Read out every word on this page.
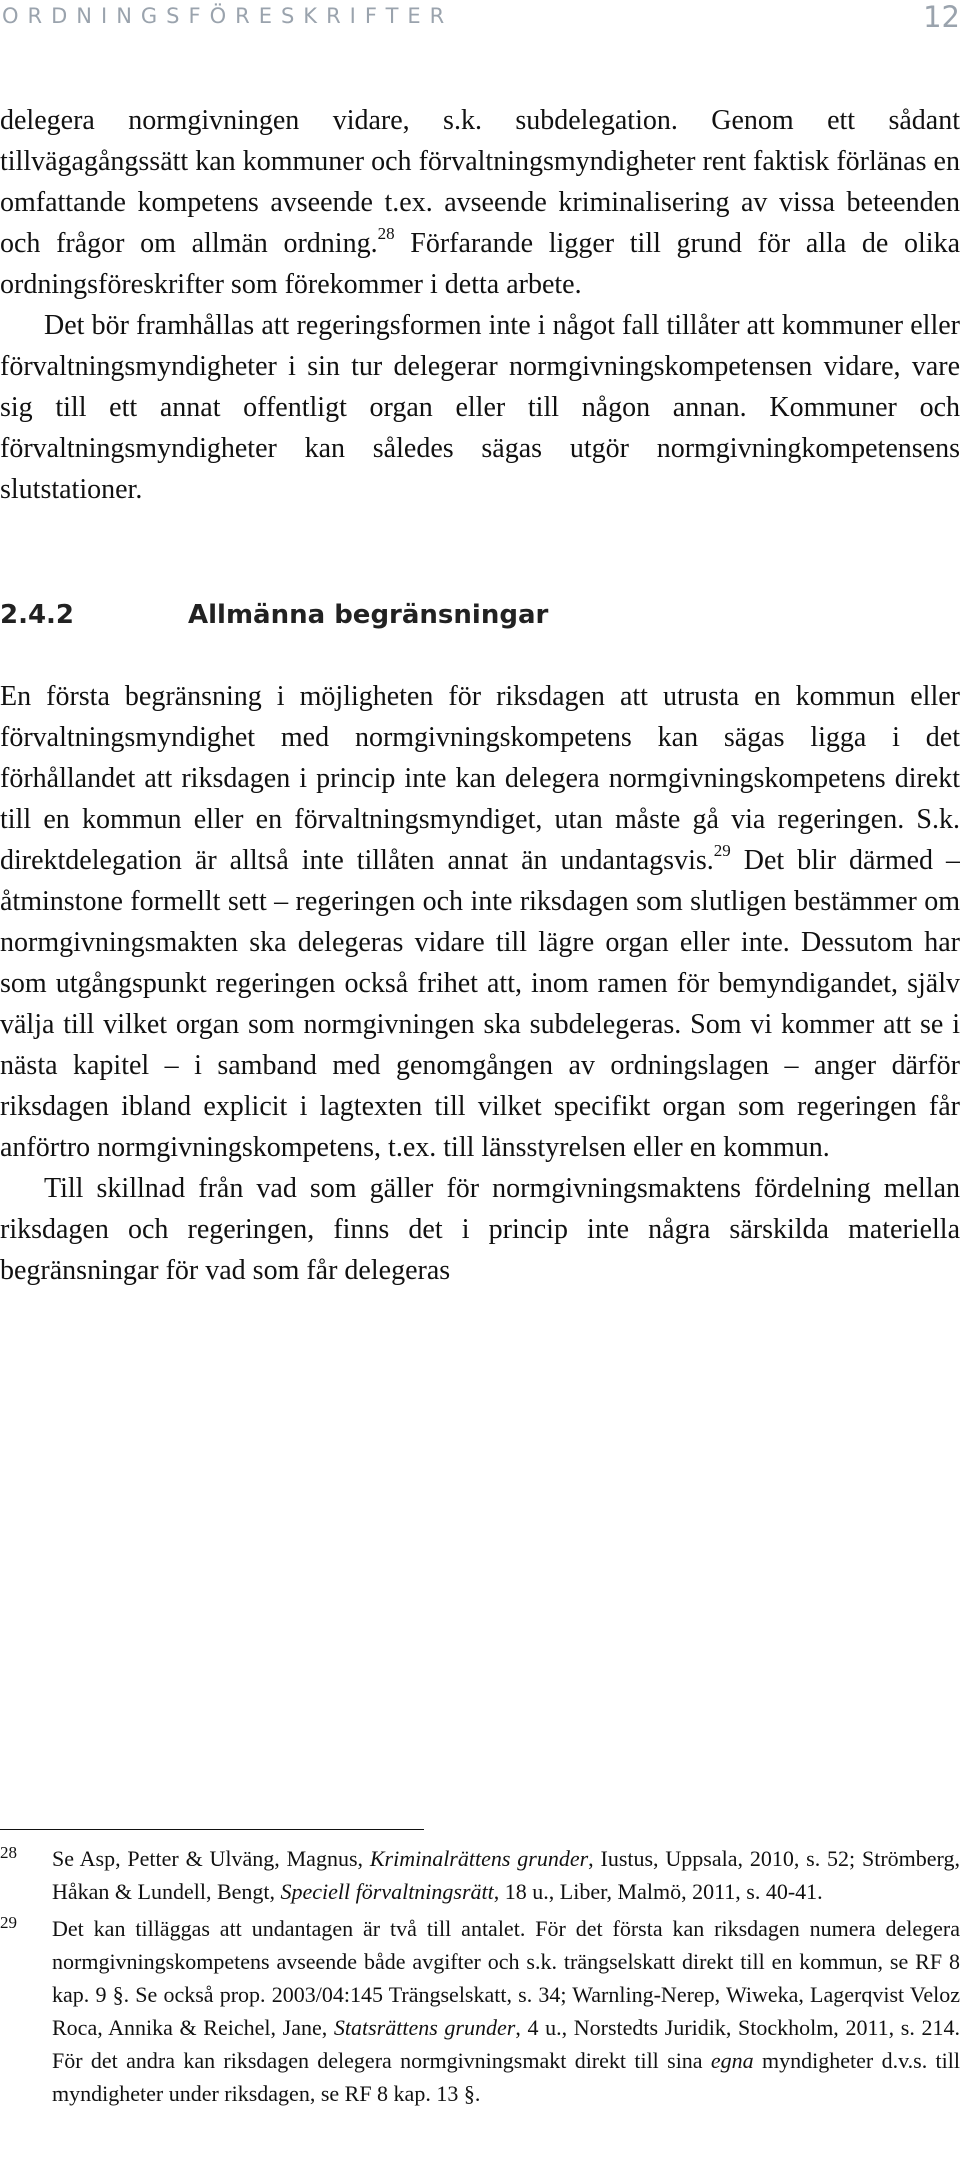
ORDNINGSFÖRESKRIFTER	12

delegera normgivningen vidare, s.k. subdelegation. Genom ett sådant tillvägagångssätt kan kommuner och förvaltningsmyndigheter rent faktisk förlänas en omfattande kompetens avseende t.ex. avseende kriminalisering av vissa beteenden och frågor om allmän ordning.$^{28}$ Förfarande ligger till grund för alla de olika ordningsföreskrifter som förekommer i detta arbete.

Det bör framhållas att regeringsformen inte i något fall tillåter att kommuner eller förvaltningsmyndigheter i sin tur delegerar normgivningskompetensen vidare, vare sig till ett annat offentligt organ eller till någon annan. Kommuner och förvaltningsmyndigheter kan således sägas utgör normgivningkompetensens slutstationer.

2.4.2	Allmänna begränsningar

En första begränsning i möjligheten för riksdagen att utrusta en kommun eller förvaltningsmyndighet med normgivningskompetens kan sägas ligga i det förhållandet att riksdagen i princip inte kan delegera normgivningskompetens direkt till en kommun eller en förvaltningsmyndiget, utan måste gå via regeringen. S.k. direktdelegation är alltså inte tillåten annat än undantagsvis.$^{29}$ Det blir därmed – åtminstone formellt sett – regeringen och inte riksdagen som slutligen bestämmer om normgivningsmakten ska delegeras vidare till lägre organ eller inte. Dessutom har som utgångspunkt regeringen också frihet att, inom ramen för bemyndigandet, själv välja till vilket organ som normgivningen ska subdelegeras. Som vi kommer att se i nästa kapitel – i samband med genomgången av ordningslagen – anger därför riksdagen ibland explicit i lagtexten till vilket specifikt organ som regeringen får anförtro normgivningskompetens, t.ex. till länsstyrelsen eller en kommun.

Till skillnad från vad som gäller för normgivningsmaktens fördelning mellan riksdagen och regeringen, finns det i princip inte några särskilda materiella begränsningar för vad som får delegeras

28 Se Asp, Petter & Ulväng, Magnus, Kriminalrättens grunder, Iustus, Uppsala, 2010, s. 52; Strömberg, Håkan & Lundell, Bengt, Speciell förvaltningsrätt, 18 u., Liber, Malmö, 2011, s. 40-41.
29 Det kan tilläggas att undantagen är två till antalet. För det första kan riksdagen numera delegera normgivningskompetens avseende både avgifter och s.k. trängselskatt direkt till en kommun, se RF 8 kap. 9 §. Se också prop. 2003/04:145 Trängselskatt, s. 34; Warnling-Nerep, Wiweka, Lagerqvist Veloz Roca, Annika & Reichel, Jane, Statsrättens grunder, 4 u., Norstedts Juridik, Stockholm, 2011, s. 214. För det andra kan riksdagen delegera normgivningsmakt direkt till sina egna myndigheter d.v.s. till myndigheter under riksdagen, se RF 8 kap. 13 §.
